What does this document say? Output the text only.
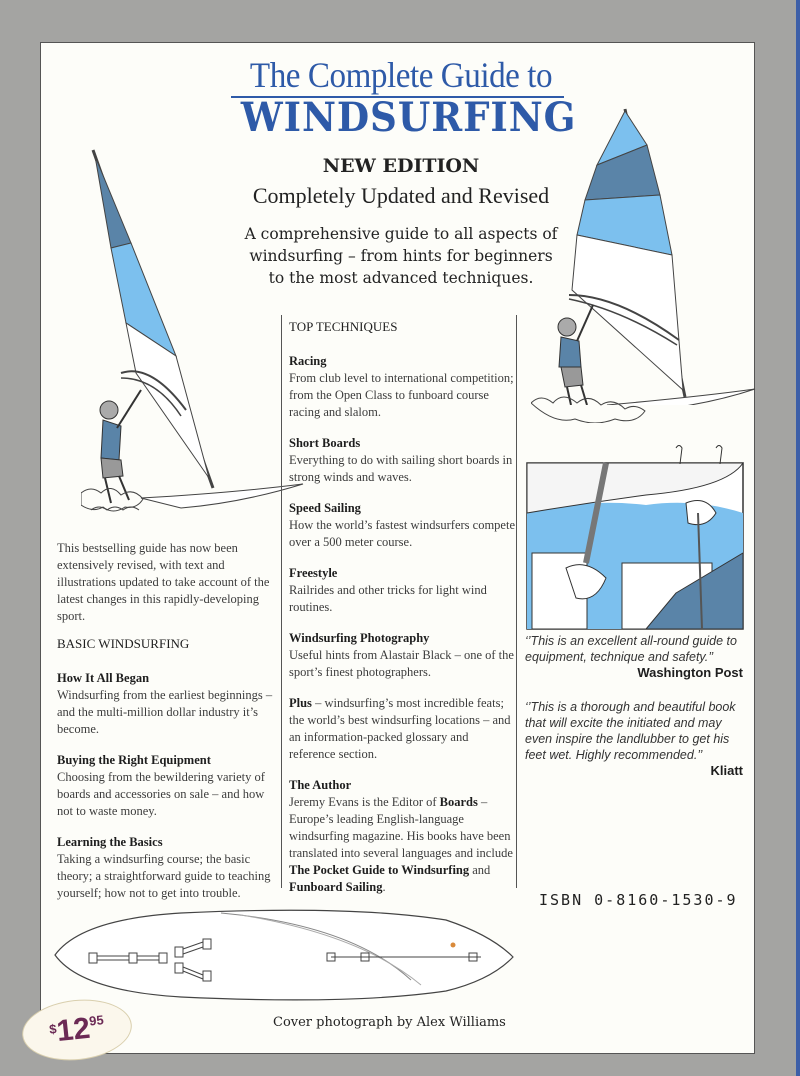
The Complete Guide to
WINDSURFING
NEW EDITION
Completely Updated and Revised
A comprehensive guide to all aspects of
windsurfing – from hints for beginners
to the most advanced techniques.
This bestselling guide has now been extensively revised, with text and illustrations updated to take account of the latest changes in this rapidly-developing sport.
BASIC WINDSURFING
How It All Began
Windsurfing from the earliest beginnings – and the multi-million dollar industry it’s become.
Buying the Right Equipment
Choosing from the bewildering variety of boards and accessories on sale – and how not to waste money.
Learning the Basics
Taking a windsurfing course; the basic theory; a straightforward guide to teaching yourself; how not to get into trouble.
TOP TECHNIQUES
Racing
From club level to international competition; from the Open Class to funboard course racing and slalom.
Short Boards
Everything to do with sailing short boards in strong winds and waves.
Speed Sailing
How the world’s fastest windsurfers compete over a 500 meter course.
Freestyle
Railrides and other tricks for light wind routines.
Windsurfing Photography
Useful hints from Alastair Black – one of the sport’s finest photographers.
Plus – windsurfing’s most incredible feats; the world’s best windsurfing locations – and an information-packed glossary and reference section.
The Author
Jeremy Evans is the Editor of Boards – Europe’s leading English-language windsurfing magazine. His books have been translated into several languages and include The Pocket Guide to Windsurfing and Funboard Sailing.
‘’This is an excellent all-round guide to equipment, technique and safety.’’
Washington Post
‘’This is a thorough and beautiful book that will excite the initiated and may even inspire the landlubber to get his feet wet. Highly recommended.’’
Kliatt
ISBN 0-8160-1530-9
Cover photograph by Alex Williams
$^{\$}12^{95}$
